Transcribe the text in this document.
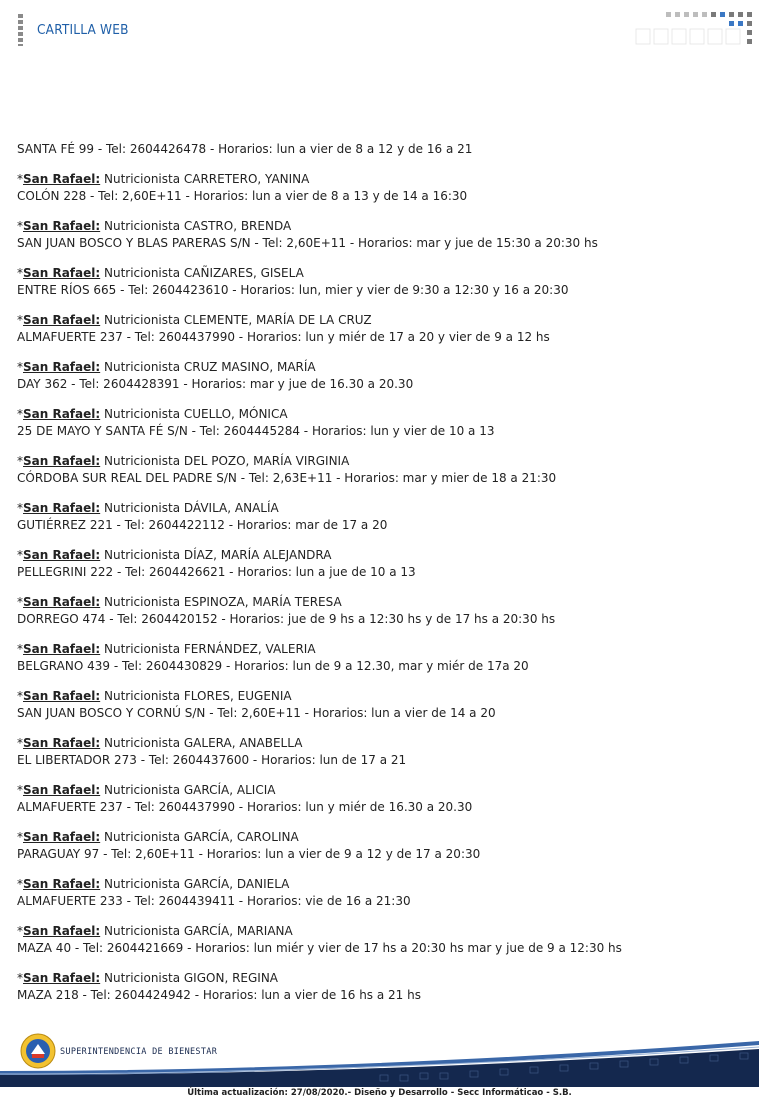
CARTILLA WEB

SANTA FÉ 99 - Tel: 2604426478 - Horarios: lun a vier de 8 a 12 y de 16 a 21

*San Rafael: Nutricionista CARRETERO, YANINA

COLÓN 228 - Tel: 2,60E+11 - Horarios: lun a vier de 8 a 13 y de 14 a 16:30

*San Rafael: Nutricionista CASTRO, BRENDA

SAN JUAN BOSCO Y BLAS PARERAS S/N - Tel: 2,60E+11 - Horarios: mar y jue de 15:30 a 20:30 hs

*San Rafael: Nutricionista CAÑIZARES, GISELA

ENTRE RÍOS 665 - Tel: 2604423610 - Horarios: lun, mier y vier de 9:30 a 12:30 y 16 a 20:30

*San Rafael: Nutricionista CLEMENTE, MARÍA DE LA CRUZ

ALMAFUERTE 237 - Tel: 2604437990 - Horarios: lun y miér de 17 a 20 y vier de 9 a 12 hs

*San Rafael: Nutricionista CRUZ MASINO, MARÍA

DAY 362 - Tel: 2604428391 - Horarios: mar y jue de 16.30 a 20.30

*San Rafael: Nutricionista CUELLO, MÓNICA

25 DE MAYO Y SANTA FÉ S/N - Tel: 2604445284 - Horarios: lun y vier de 10 a 13

*San Rafael: Nutricionista DEL POZO, MARÍA VIRGINIA

CÓRDOBA SUR REAL DEL PADRE S/N - Tel: 2,63E+11 - Horarios: mar y mier de 18 a 21:30

*San Rafael: Nutricionista DÁVILA, ANALÍA

GUTIÉRREZ 221 - Tel: 2604422112 - Horarios: mar de 17 a 20

*San Rafael: Nutricionista DÍAZ, MARÍA ALEJANDRA

PELLEGRINI 222 - Tel: 2604426621 - Horarios: lun a jue de 10 a 13

*San Rafael: Nutricionista ESPINOZA, MARÍA TERESA

DORREGO 474 - Tel: 2604420152 - Horarios: jue de 9 hs a 12:30 hs y de 17 hs a 20:30 hs

*San Rafael: Nutricionista FERNÁNDEZ, VALERIA

BELGRANO 439 - Tel: 2604430829 - Horarios: lun de 9 a 12.30, mar y miér de 17a 20

*San Rafael: Nutricionista FLORES, EUGENIA

SAN JUAN BOSCO Y CORNÚ S/N - Tel: 2,60E+11 - Horarios: lun a vier de 14 a 20

*San Rafael: Nutricionista GALERA, ANABELLA

EL LIBERTADOR 273 - Tel: 2604437600 - Horarios: lun de 17 a 21

*San Rafael: Nutricionista GARCÍA, ALICIA

ALMAFUERTE 237 - Tel: 2604437990 - Horarios: lun y miér de 16.30 a 20.30

*San Rafael: Nutricionista GARCÍA, CAROLINA

PARAGUAY 97 - Tel: 2,60E+11 - Horarios: lun a vier de 9 a 12 y de 17 a 20:30

*San Rafael: Nutricionista GARCÍA, DANIELA

ALMAFUERTE 233 - Tel: 2604439411 - Horarios: vie de 16 a 21:30

*San Rafael: Nutricionista GARCÍA, MARIANA

MAZA 40 - Tel: 2604421669 - Horarios: lun miér y vier de 17 hs a 20:30 hs mar y jue de 9 a 12:30 hs

*San Rafael: Nutricionista GIGON, REGINA

MAZA 218 - Tel: 2604424942 - Horarios: lun a vier de 16 hs a 21 hs

SUPERINTENDENCIA DE BIENESTAR
Última actualización: 27/08/2020.- Diseño y Desarrollo - Secc Informáticao - S.B.
